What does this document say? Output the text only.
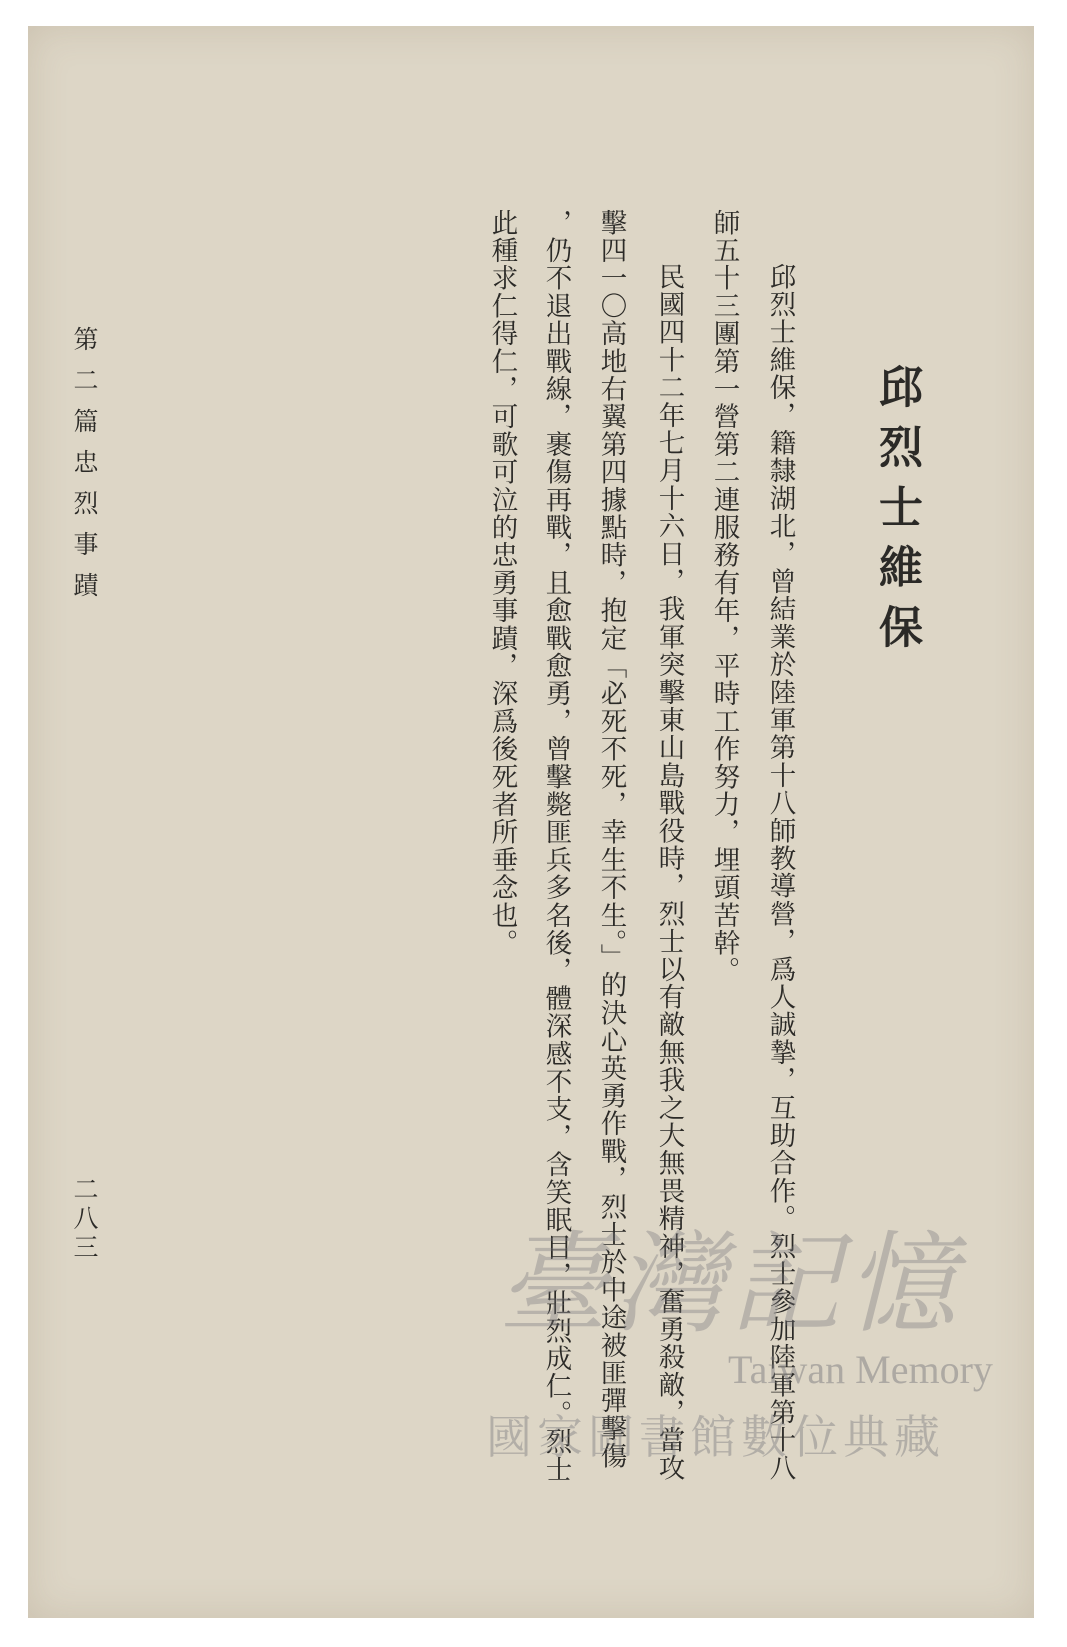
邱烈士維保
邱烈士維保，籍隸湖北，曾結業於陸軍第十八師教導營，爲人誠摯，互助合作。烈士參加陸軍第十八
師五十三團第一營第二連服務有年，平時工作努力，埋頭苦幹。
民國四十二年七月十六日，我軍突擊東山島戰役時，烈士以有敵無我之大無畏精神，奮勇殺敵，當攻
擊四一〇高地右翼第四據點時，抱定「必死不死，幸生不生。」的決心英勇作戰，烈士於中途被匪彈擊傷
，仍不退出戰線，裹傷再戰，且愈戰愈勇，曾擊斃匪兵多名後，體深感不支，含笑眠目，壯烈成仁。烈士
此種求仁得仁，可歌可泣的忠勇事蹟，深爲後死者所垂念也。
第二篇忠烈事蹟
二八三
臺灣記憶
Taiwan Memory
國家圖書館數位典藏
